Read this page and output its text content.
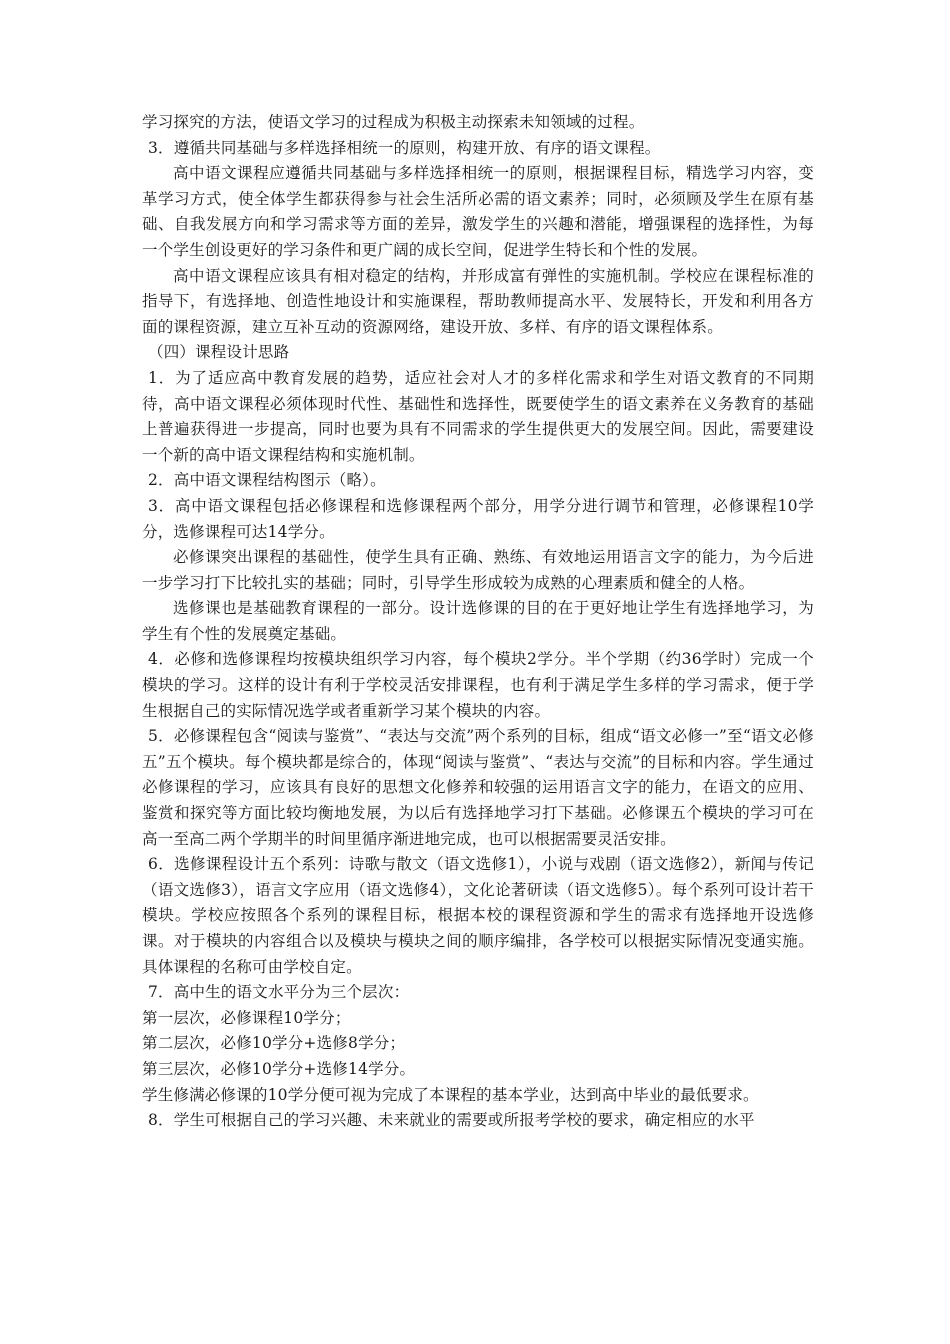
学习探究的方法，使语文学习的过程成为积极主动探索未知领域的过程。

3．遵循共同基础与多样选择相统一的原则，构建开放、有序的语文课程。

高中语文课程应遵循共同基础与多样选择相统一的原则，根据课程目标，精选学习内容，变革学习方式，使全体学生都获得参与社会生活所必需的语文素养；同时，必须顾及学生在原有基础、自我发展方向和学习需求等方面的差异，激发学生的兴趣和潜能，增强课程的选择性，为每一个学生创设更好的学习条件和更广阔的成长空间，促进学生特长和个性的发展。

高中语文课程应该具有相对稳定的结构，并形成富有弹性的实施机制。学校应在课程标准的指导下，有选择地、创造性地设计和实施课程，帮助教师提高水平、发展特长，开发和利用各方面的课程资源，建立互补互动的资源网络，建设开放、多样、有序的语文课程体系。

（四）课程设计思路

1．为了适应高中教育发展的趋势，适应社会对人才的多样化需求和学生对语文教育的不同期待，高中语文课程必须体现时代性、基础性和选择性，既要使学生的语文素养在义务教育的基础上普遍获得进一步提高，同时也要为具有不同需求的学生提供更大的发展空间。因此，需要建设一个新的高中语文课程结构和实施机制。

2．高中语文课程结构图示（略）。

3．高中语文课程包括必修课程和选修课程两个部分，用学分进行调节和管理，必修课程10学分，选修课程可达14学分。

必修课突出课程的基础性，使学生具有正确、熟练、有效地运用语言文字的能力，为今后进一步学习打下比较扎实的基础；同时，引导学生形成较为成熟的心理素质和健全的人格。

选修课也是基础教育课程的一部分。设计选修课的目的在于更好地让学生有选择地学习，为学生有个性的发展奠定基础。

4．必修和选修课程均按模块组织学习内容，每个模块2学分。半个学期（约36学时）完成一个模块的学习。这样的设计有利于学校灵活安排课程，也有利于满足学生多样的学习需求，便于学生根据自己的实际情况选学或者重新学习某个模块的内容。

5．必修课程包含“阅读与鉴赏”、“表达与交流”两个系列的目标，组成“语文必修一”至“语文必修五”五个模块。每个模块都是综合的，体现“阅读与鉴赏”、“表达与交流”的目标和内容。学生通过必修课程的学习，应该具有良好的思想文化修养和较强的运用语言文字的能力，在语文的应用、鉴赏和探究等方面比较均衡地发展，为以后有选择地学习打下基础。必修课五个模块的学习可在高一至高二两个学期半的时间里循序渐进地完成，也可以根据需要灵活安排。

6．选修课程设计五个系列：诗歌与散文（语文选修1），小说与戏剧（语文选修2），新闻与传记（语文选修3），语言文字应用（语文选修4），文化论著研读（语文选修5）。每个系列可设计若干模块。学校应按照各个系列的课程目标，根据本校的课程资源和学生的需求有选择地开设选修课。对于模块的内容组合以及模块与模块之间的顺序编排，各学校可以根据实际情况变通实施。具体课程的名称可由学校自定。

7．高中生的语文水平分为三个层次：

第一层次，必修课程10学分；

第二层次，必修10学分+选修8学分；

第三层次，必修10学分+选修14学分。

学生修满必修课的10学分便可视为完成了本课程的基本学业，达到高中毕业的最低要求。

8．学生可根据自己的学习兴趣、未来就业的需要或所报考学校的要求，确定相应的水平
